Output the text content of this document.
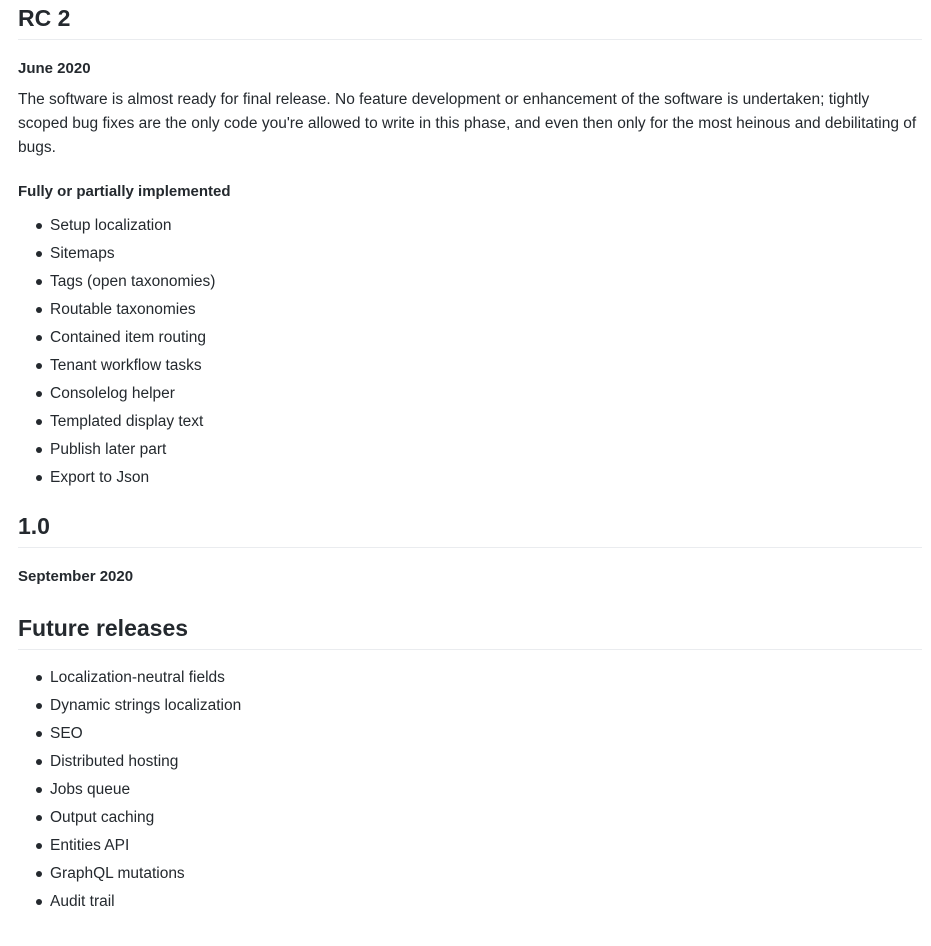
RC 2
June 2020

The software is almost ready for final release. No feature development or enhancement of the software is undertaken; tightly scoped bug fixes are the only code you're allowed to write in this phase, and even then only for the most heinous and debilitating of bugs.

Fully or partially implemented
Setup localization
Sitemaps
Tags (open taxonomies)
Routable taxonomies
Contained item routing
Tenant workflow tasks
Consolelog helper
Templated display text
Publish later part
Export to Json
1.0
September 2020
Future releases
Localization-neutral fields
Dynamic strings localization
SEO
Distributed hosting
Jobs queue
Output caching
Entities API
GraphQL mutations
Audit trail
